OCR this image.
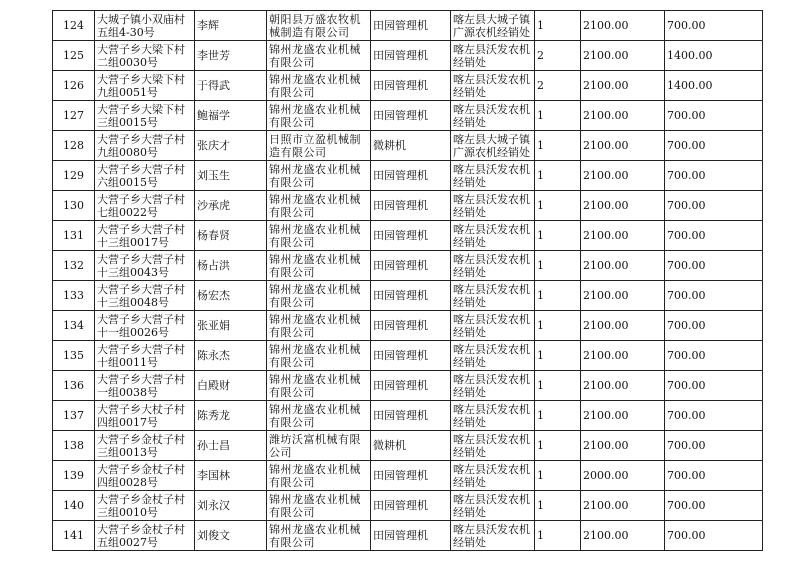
124	大城子镇小双庙村五组4-30号	李辉	朝阳县万盛农牧机械制造有限公司	田园管理机	喀左县大城子镇广源农机经销处	1	2100.00	700.00
125	大营子乡大梁下村二组0030号	李世芳	锦州龙盛农业机械有限公司	田园管理机	喀左县沃发农机经销处	2	2100.00	1400.00
126	大营子乡大梁下村九组0051号	于得武	锦州龙盛农业机械有限公司	田园管理机	喀左县沃发农机经销处	2	2100.00	1400.00
127	大营子乡大梁下村三组0015号	鲍福学	锦州龙盛农业机械有限公司	田园管理机	喀左县沃发农机经销处	1	2100.00	700.00
128	大营子乡大营子村九组0080号	张庆才	日照市立盈机械制造有限公司	微耕机	喀左县大城子镇广源农机经销处	1	2100.00	700.00
129	大营子乡大营子村六组0015号	刘玉生	锦州龙盛农业机械有限公司	田园管理机	喀左县沃发农机经销处	1	2100.00	700.00
130	大营子乡大营子村七组0022号	沙承虎	锦州龙盛农业机械有限公司	田园管理机	喀左县沃发农机经销处	1	2100.00	700.00
131	大营子乡大营子村十三组0017号	杨春贤	锦州龙盛农业机械有限公司	田园管理机	喀左县沃发农机经销处	1	2100.00	700.00
132	大营子乡大营子村十三组0043号	杨占洪	锦州龙盛农业机械有限公司	田园管理机	喀左县沃发农机经销处	1	2100.00	700.00
133	大营子乡大营子村十三组0048号	杨宏杰	锦州龙盛农业机械有限公司	田园管理机	喀左县沃发农机经销处	1	2100.00	700.00
134	大营子乡大营子村十一组0026号	张亚娟	锦州龙盛农业机械有限公司	田园管理机	喀左县沃发农机经销处	1	2100.00	700.00
135	大营子乡大营子村十组0011号	陈永杰	锦州龙盛农业机械有限公司	田园管理机	喀左县沃发农机经销处	1	2100.00	700.00
136	大营子乡大营子村一组0038号	白殿财	锦州龙盛农业机械有限公司	田园管理机	喀左县沃发农机经销处	1	2100.00	700.00
137	大营子乡大杖子村四组0017号	陈秀龙	锦州龙盛农业机械有限公司	田园管理机	喀左县沃发农机经销处	1	2100.00	700.00
138	大营子乡金杖子村三组0013号	孙士昌	潍坊沃富机械有限公司	微耕机	喀左县沃发农机经销处	1	2100.00	700.00
139	大营子乡金杖子村四组0028号	李国林	锦州龙盛农业机械有限公司	田园管理机	喀左县沃发农机经销处	1	2000.00	700.00
140	大营子乡金杖子村三组0010号	刘永汉	锦州龙盛农业机械有限公司	田园管理机	喀左县沃发农机经销处	1	2100.00	700.00
141	大营子乡金杖子村五组0027号	刘俊文	锦州龙盛农业机械有限公司	田园管理机	喀左县沃发农机经销处	1	2100.00	700.00
